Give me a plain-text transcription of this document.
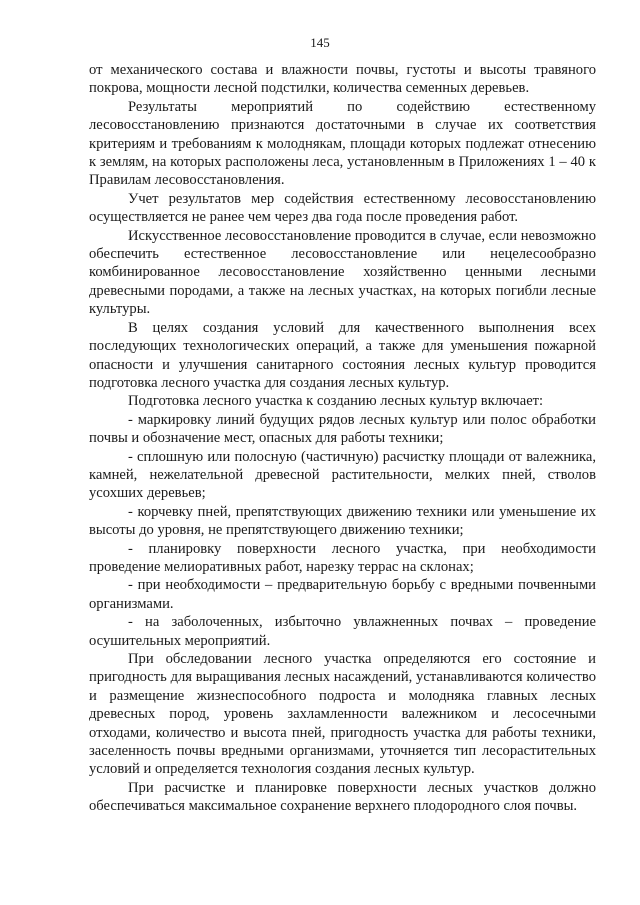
145

от механического состава и влажности почвы, густоты и высоты травяного покрова, мощности лесной подстилки, количества семенных деревьев.

Результаты мероприятий по содействию естественному лесовосстановлению признаются достаточными в случае их соответствия критериям и требованиям к молоднякам, площади которых подлежат отнесению к землям, на которых расположены леса, установленным в Приложениях 1 – 40 к Правилам лесовосстановления.

Учет результатов мер содействия естественному лесовосстановлению осуществляется не ранее чем через два года после проведения работ.

Искусственное лесовосстановление проводится в случае, если невозможно обеспечить естественное лесовосстановление или нецелесообразно комбинированное лесовосстановление хозяйственно ценными лесными древесными породами, а также на лесных участках, на которых погибли лесные культуры.

В целях создания условий для качественного выполнения всех последующих технологических операций, а также для уменьшения пожарной опасности и улучшения санитарного состояния лесных культур проводится подготовка лесного участка для создания лесных культур.

Подготовка лесного участка к созданию лесных культур включает:

- маркировку линий будущих рядов лесных культур или полос обработки почвы и обозначение мест, опасных для работы техники;

- сплошную или полосную (частичную) расчистку площади от валежника, камней, нежелательной древесной растительности, мелких пней, стволов усохших деревьев;

- корчевку пней, препятствующих движению техники или уменьшение их высоты до уровня, не препятствующего движению техники;

- планировку поверхности лесного участка, при необходимости проведение мелиоративных работ, нарезку террас на склонах;

- при необходимости – предварительную борьбу с вредными почвенными организмами.

- на заболоченных, избыточно увлажненных почвах – проведение осушительных мероприятий.

При обследовании лесного участка определяются его состояние и пригодность для выращивания лесных насаждений, устанавливаются количество и размещение жизнеспособного подроста и молодняка главных лесных древесных пород, уровень захламленности валежником и лесосечными отходами, количество и высота пней, пригодность участка для работы техники, заселенность почвы вредными организмами, уточняется тип лесорастительных условий и определяется технология создания лесных культур.

При расчистке и планировке поверхности лесных участков должно обеспечиваться максимальное сохранение верхнего плодородного слоя почвы.
